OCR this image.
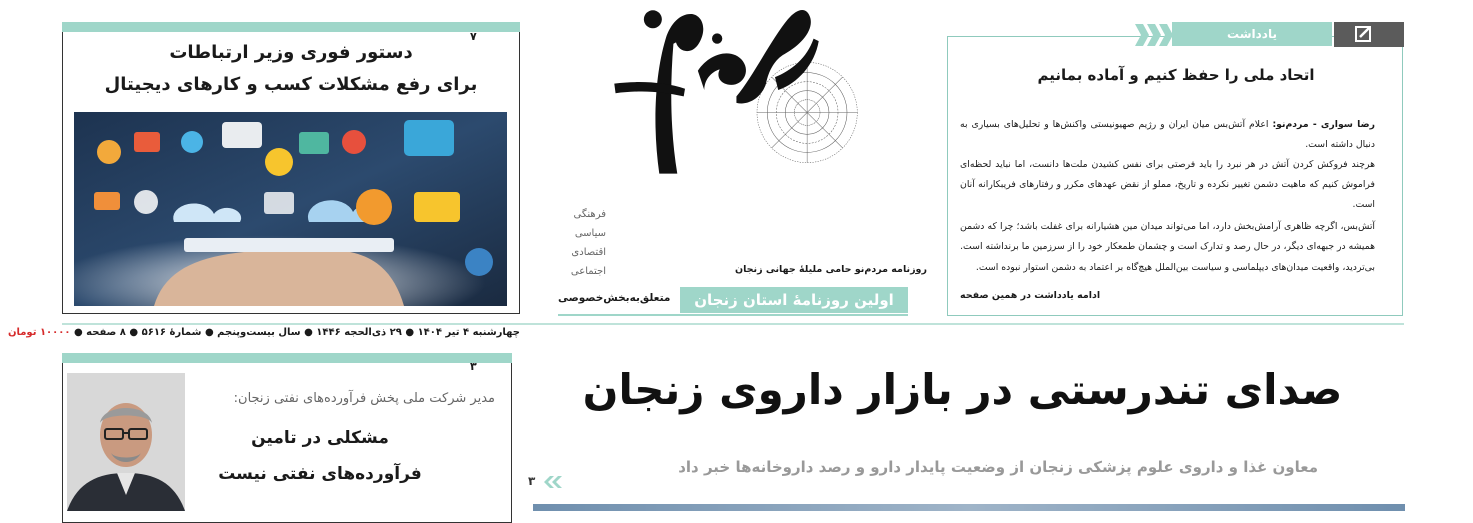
یادداشت
اتحاد ملی را حفظ کنیم و آماده بمانیم
رضا سواری - مردم‌نو: اعلام آتش‌بس میان ایران و رژیم صهیونیستی واکنش‌ها و تحلیل‌های بسیاری به دنبال داشته است.
هرچند فروکش کردن آتش در هر نبرد را باید فرصتی برای نفس کشیدن ملت‌ها دانست، اما نباید لحظه‌ای فراموش کنیم که ماهیت دشمن تغییر نکرده و تاریخ، مملو از نقض عهدهای مکرر و رفتارهای فریبکارانه آنان است.
آتش‌بس، اگرچه ظاهری آرامش‌بخش دارد، اما می‌تواند میدان مین هشیارانه برای غفلت باشد؛ چرا که دشمن همیشه در جبهه‌ای دیگر، در حال رصد و تدارک است و چشمان طمعکار خود را از سرزمین ما برنداشته است.
بی‌تردید، واقعیت میدان‌های دیپلماسی و سیاست بین‌الملل هیچ‌گاه بر اعتماد به دشمن استوار نبوده است.
ادامه یادداشت در همین صفحه
فرهنگی
سیاسی
اقتصادی
اجتماعی	روزنامه مردم‌نو حامی ملیلهٔ جهانی زنجان
اولین روزنامهٔ استان زنجان
متعلق‌به‌بخش‌خصوصی
چهارشنبه ۴ تیر ۱۴۰۴ ● ۲۹ ذی‌الحجه ۱۴۴۶ ● سال بیست‌وپنجم ● شمارهٔ ۵۶۱۶ ● ۸ صفحه ● ۱۰۰۰۰ تومان
۷
دستور فوری وزیر ارتباطات
برای رفع مشکلات کسب و کارهای دیجیتال
۳
مدیر شرکت ملی پخش فرآورده‌های نفتی زنجان:
مشکلی در تامین
فرآورده‌های نفتی نیست
صدای تندرستی در بازار داروی زنجان
معاون غذا و داروی علوم پزشکی زنجان از وضعیت پایدار دارو و رصد داروخانه‌ها خبر داد
۳
